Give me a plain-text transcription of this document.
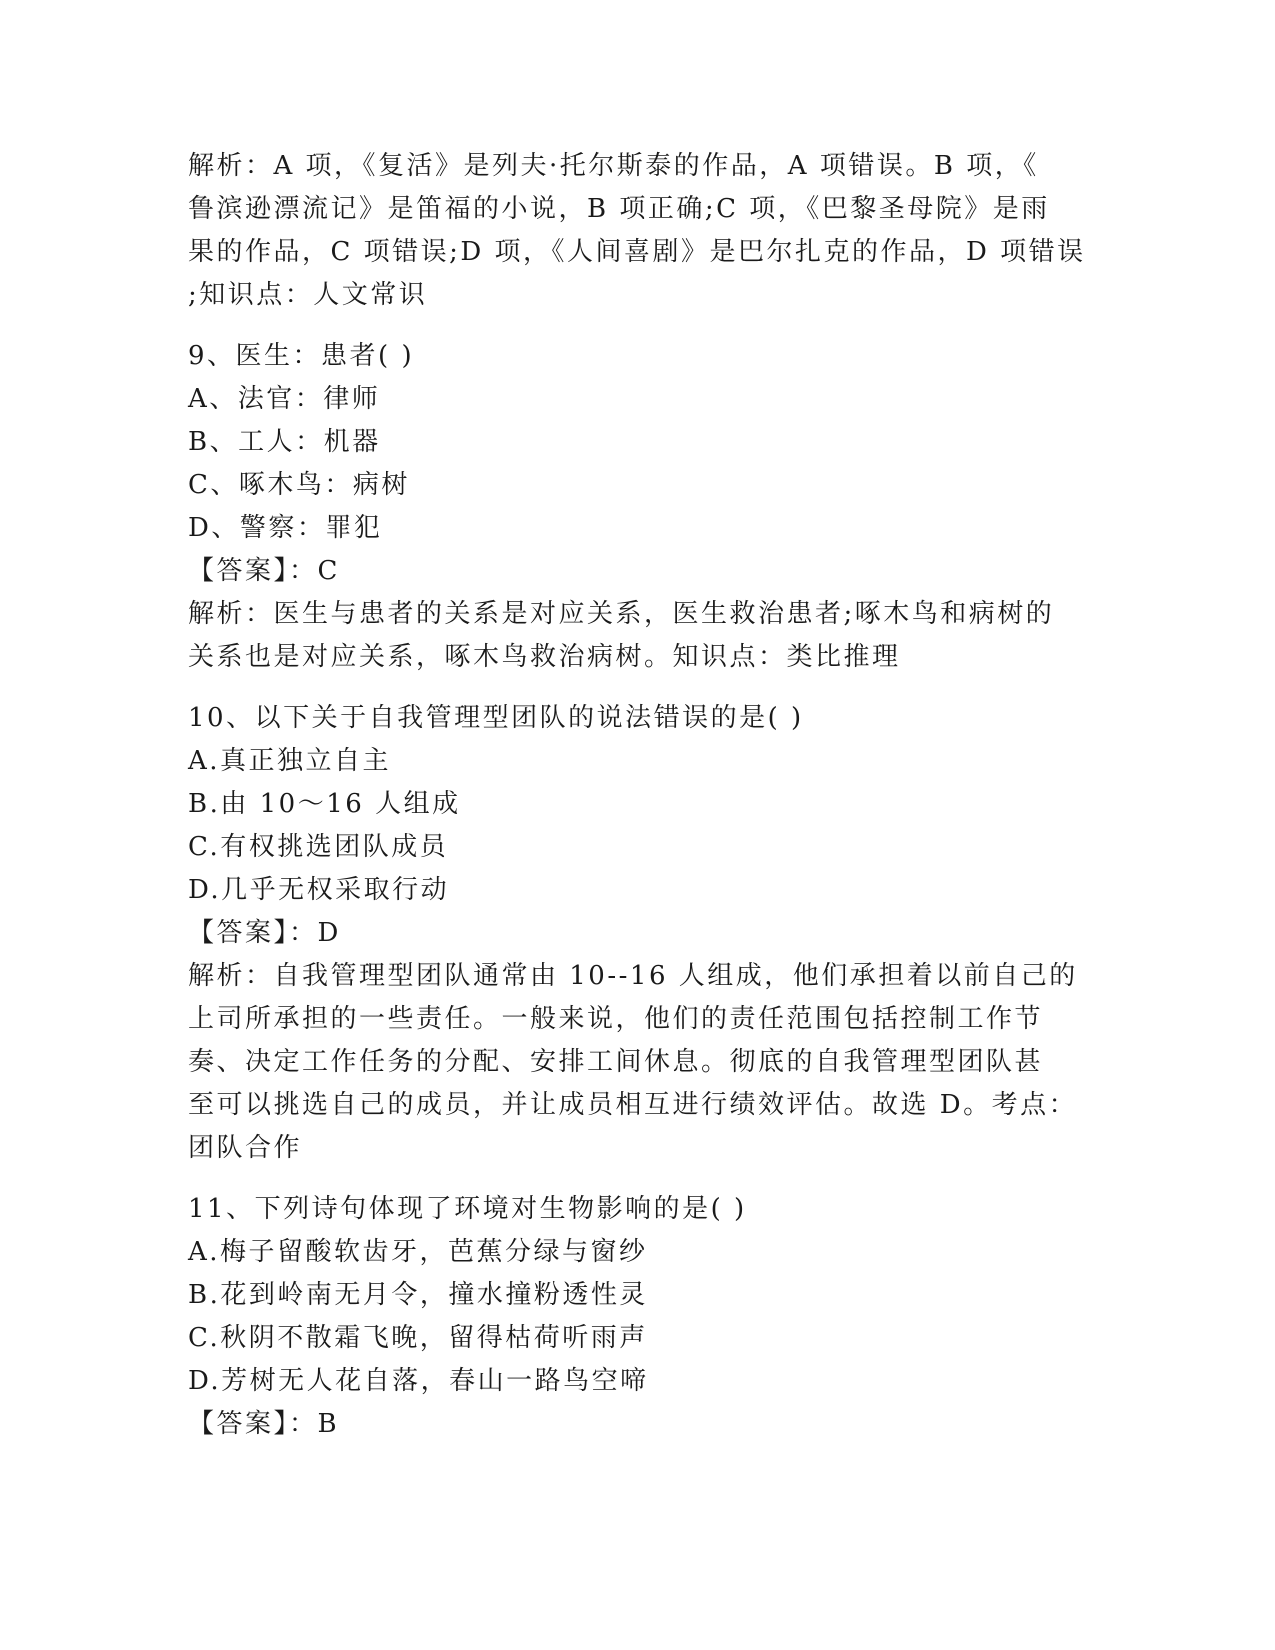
解析：A 项，《复活》是列夫·托尔斯泰的作品，A 项错误。B 项，《
鲁滨逊漂流记》是笛福的小说，B 项正确;C 项，《巴黎圣母院》是雨
果的作品，C 项错误;D 项，《人间喜剧》是巴尔扎克的作品，D 项错误
;知识点：人文常识
9、医生：患者( )
A、法官：律师
B、工人：机器
C、啄木鸟：病树
D、警察：罪犯
【答案】：C
解析：医生与患者的关系是对应关系，医生救治患者;啄木鸟和病树的
关系也是对应关系，啄木鸟救治病树。知识点：类比推理
10、以下关于自我管理型团队的说法错误的是( )
A.真正独立自主
B.由 10～16 人组成
C.有权挑选团队成员
D.几乎无权采取行动
【答案】：D
解析：自我管理型团队通常由 10--16 人组成，他们承担着以前自己的
上司所承担的一些责任。一般来说，他们的责任范围包括控制工作节
奏、决定工作任务的分配、安排工间休息。彻底的自我管理型团队甚
至可以挑选自己的成员，并让成员相互进行绩效评估。故选 D。考点：
团队合作
11、下列诗句体现了环境对生物影响的是( )
A.梅子留酸软齿牙，芭蕉分绿与窗纱
B.花到岭南无月令，撞水撞粉透性灵
C.秋阴不散霜飞晚，留得枯荷听雨声
D.芳树无人花自落，春山一路鸟空啼
【答案】：B
